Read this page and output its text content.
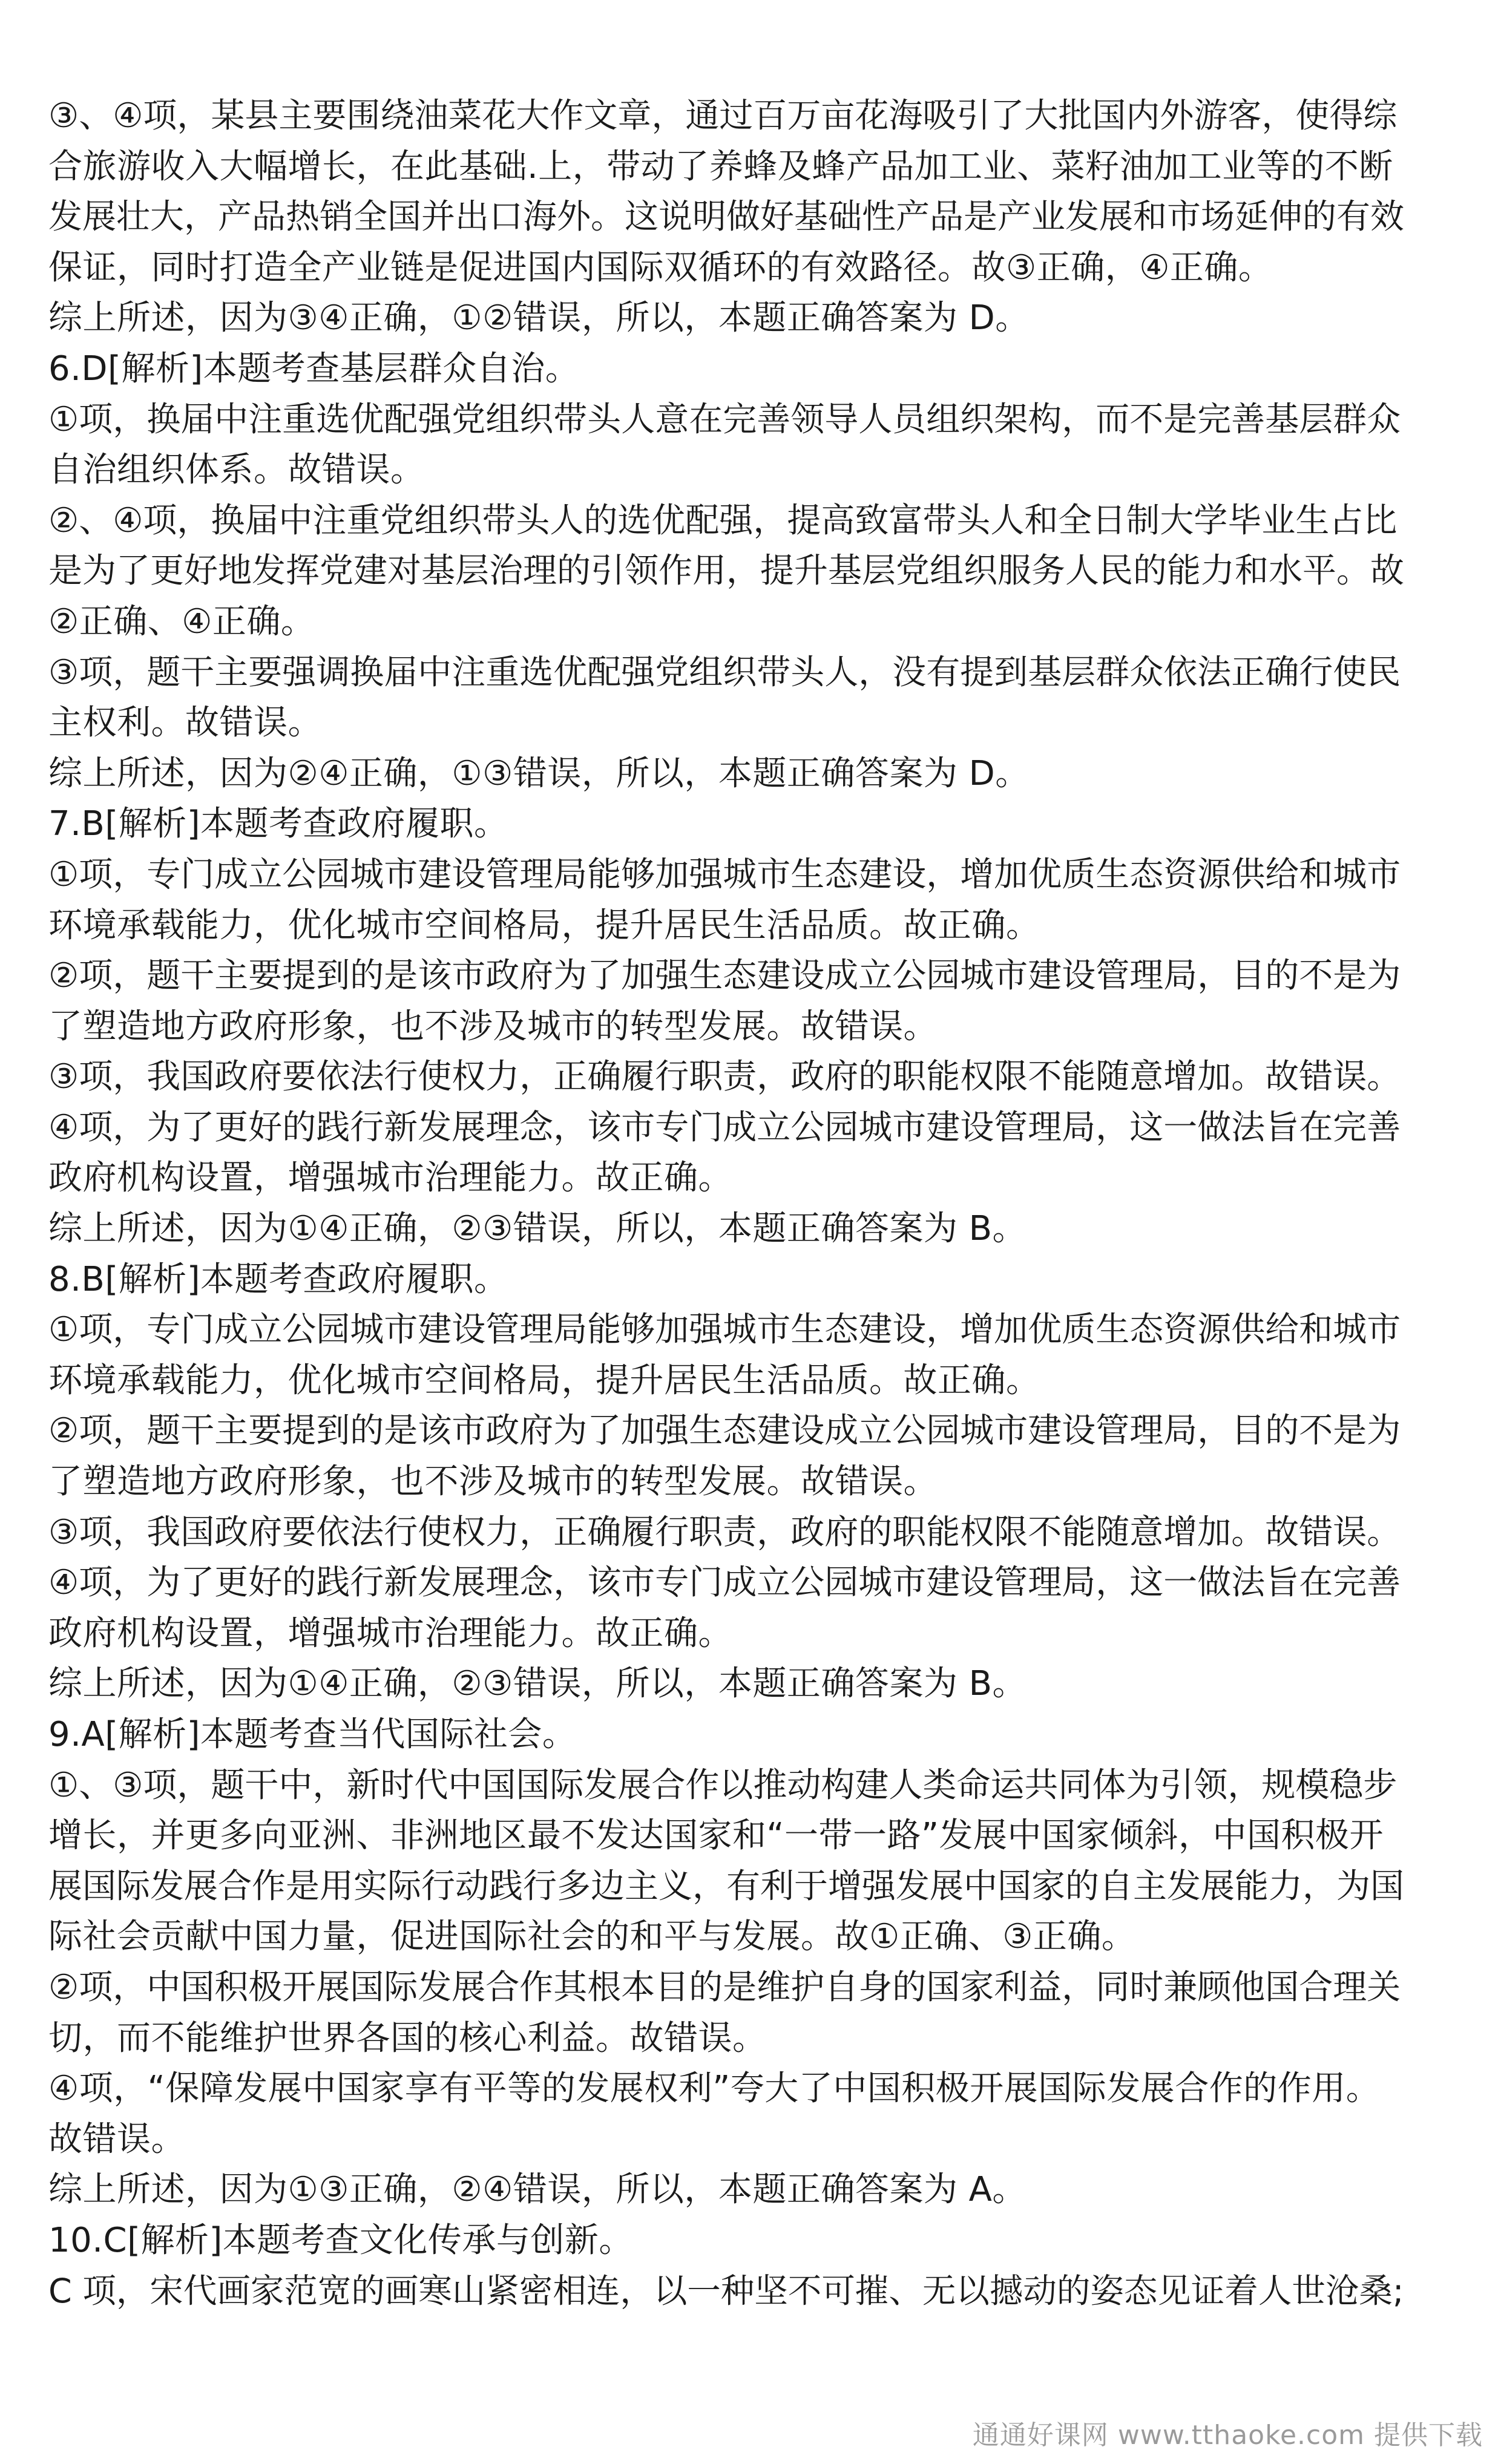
③、④项，某县主要围绕油菜花大作文章，通过百万亩花海吸引了大批国内外游客，使得综
合旅游收入大幅增长，在此基础.上，带动了养蜂及蜂产品加工业、菜籽油加工业等的不断
发展壮大，产品热销全国并出口海外。这说明做好基础性产品是产业发展和市场延伸的有效
保证，同时打造全产业链是促进国内国际双循环的有效路径。故③正确，④正确。
综上所述，因为③④正确，①②错误，所以，本题正确答案为 D。
6.D[解析]本题考查基层群众自治。
①项，换届中注重选优配强党组织带头人意在完善领导人员组织架构，而不是完善基层群众
自治组织体系。故错误。
②、④项，换届中注重党组织带头人的选优配强，提高致富带头人和全日制大学毕业生占比
是为了更好地发挥党建对基层治理的引领作用，提升基层党组织服务人民的能力和水平。故
②正确、④正确。
③项，题干主要强调换届中注重选优配强党组织带头人，没有提到基层群众依法正确行使民
主权利。故错误。
综上所述，因为②④正确，①③错误，所以，本题正确答案为 D。
7.B[解析]本题考查政府履职。
①项，专门成立公园城市建设管理局能够加强城市生态建设，增加优质生态资源供给和城市
环境承载能力，优化城市空间格局，提升居民生活品质。故正确。
②项，题干主要提到的是该市政府为了加强生态建设成立公园城市建设管理局，目的不是为
了塑造地方政府形象，也不涉及城市的转型发展。故错误。
③项，我国政府要依法行使权力，正确履行职责，政府的职能权限不能随意增加。故错误。
④项，为了更好的践行新发展理念，该市专门成立公园城市建设管理局，这一做法旨在完善
政府机构设置，增强城市治理能力。故正确。
综上所述，因为①④正确，②③错误，所以，本题正确答案为 B。
8.B[解析]本题考查政府履职。
①项，专门成立公园城市建设管理局能够加强城市生态建设，增加优质生态资源供给和城市
环境承载能力，优化城市空间格局，提升居民生活品质。故正确。
②项，题干主要提到的是该市政府为了加强生态建设成立公园城市建设管理局，目的不是为
了塑造地方政府形象，也不涉及城市的转型发展。故错误。
③项，我国政府要依法行使权力，正确履行职责，政府的职能权限不能随意增加。故错误。
④项，为了更好的践行新发展理念，该市专门成立公园城市建设管理局，这一做法旨在完善
政府机构设置，增强城市治理能力。故正确。
综上所述，因为①④正确，②③错误，所以，本题正确答案为 B。
9.A[解析]本题考查当代国际社会。
①、③项，题干中，新时代中国国际发展合作以推动构建人类命运共同体为引领，规模稳步
增长，并更多向亚洲、非洲地区最不发达国家和“一带一路”发展中国家倾斜，中国积极开
展国际发展合作是用实际行动践行多边主义，有利于增强发展中国家的自主发展能力，为国
际社会贡献中国力量，促进国际社会的和平与发展。故①正确、③正确。
②项，中国积极开展国际发展合作其根本目的是维护自身的国家利益，同时兼顾他国合理关
切，而不能维护世界各国的核心利益。故错误。
④项，“保障发展中国家享有平等的发展权利”夸大了中国积极开展国际发展合作的作用。
故错误。
综上所述，因为①③正确，②④错误，所以，本题正确答案为 A。
10.C[解析]本题考查文化传承与创新。
C 项，宋代画家范宽的画寒山紧密相连，以一种坚不可摧、无以撼动的姿态见证着人世沧桑;
通通好课网 www.tthaoke.com 提供下载
